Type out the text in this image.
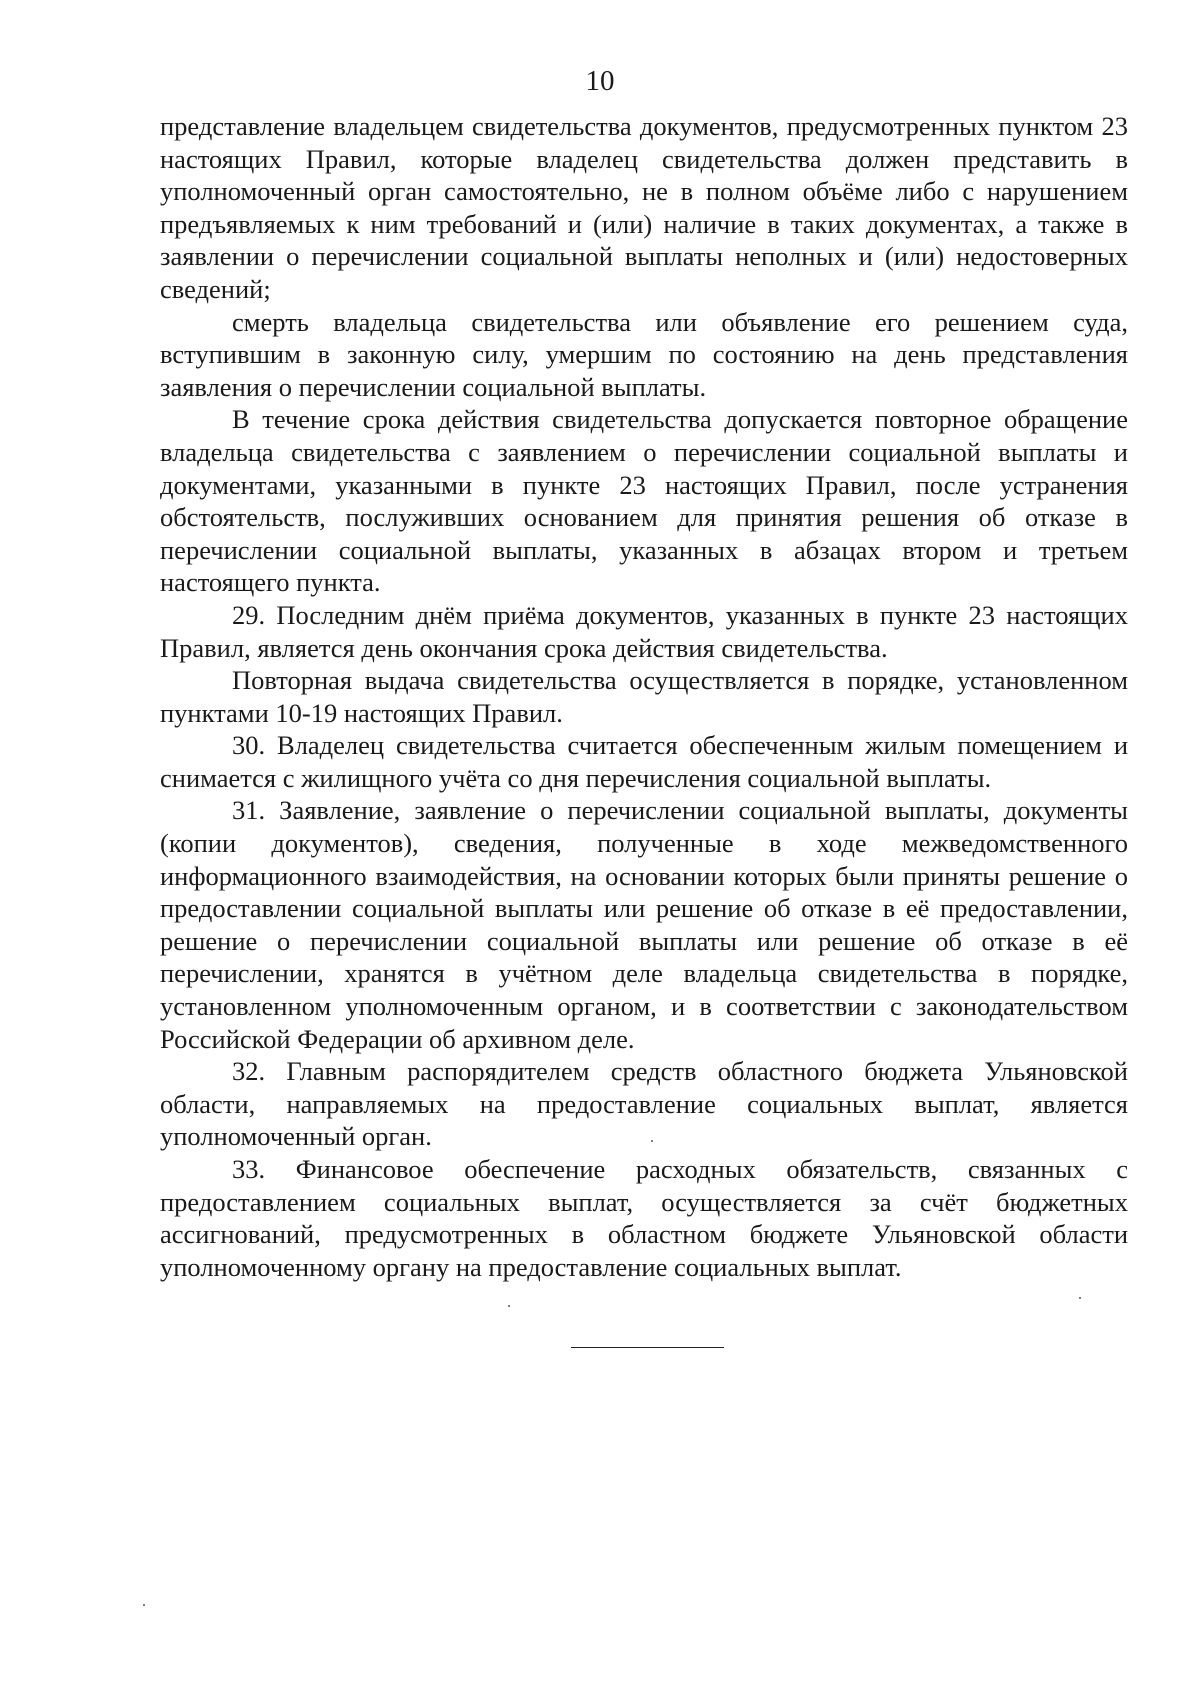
10

представление владельцем свидетельства документов, предусмотренных пунктом 23 настоящих Правил, которые владелец свидетельства должен представить в уполномоченный орган самостоятельно, не в полном объёме либо с нарушением предъявляемых к ним требований и (или) наличие в таких документах, а также в заявлении о перечислении социальной выплаты неполных и (или) недостоверных сведений;

смерть владельца свидетельства или объявление его решением суда, вступившим в законную силу, умершим по состоянию на день представления заявления о перечислении социальной выплаты.

В течение срока действия свидетельства допускается повторное обращение владельца свидетельства с заявлением о перечислении социальной выплаты и документами, указанными в пункте 23 настоящих Правил, после устранения обстоятельств, послуживших основанием для принятия решения об отказе в перечислении социальной выплаты, указанных в абзацах втором и третьем настоящего пункта.

29. Последним днём приёма документов, указанных в пункте 23 настоящих Правил, является день окончания срока действия свидетельства.

Повторная выдача свидетельства осуществляется в порядке, установленном пунктами 10-19 настоящих Правил.

30. Владелец свидетельства считается обеспеченным жилым помещением и снимается с жилищного учёта со дня перечисления социальной выплаты.

31. Заявление, заявление о перечислении социальной выплаты, документы (копии документов), сведения, полученные в ходе межведомственного информационного взаимодействия, на основании которых были приняты решение о предоставлении социальной выплаты или решение об отказе в её предоставлении, решение о перечислении социальной выплаты или решение об отказе в её перечислении, хранятся в учётном деле владельца свидетельства в порядке, установленном уполномоченным органом, и в соответствии с законодательством Российской Федерации об архивном деле.

32. Главным распорядителем средств областного бюджета Ульяновской области, направляемых на предоставление социальных выплат, является уполномоченный орган.

33. Финансовое обеспечение расходных обязательств, связанных с предоставлением социальных выплат, осуществляется за счёт бюджетных ассигнований, предусмотренных в областном бюджете Ульяновской области уполномоченному органу на предоставление социальных выплат.
